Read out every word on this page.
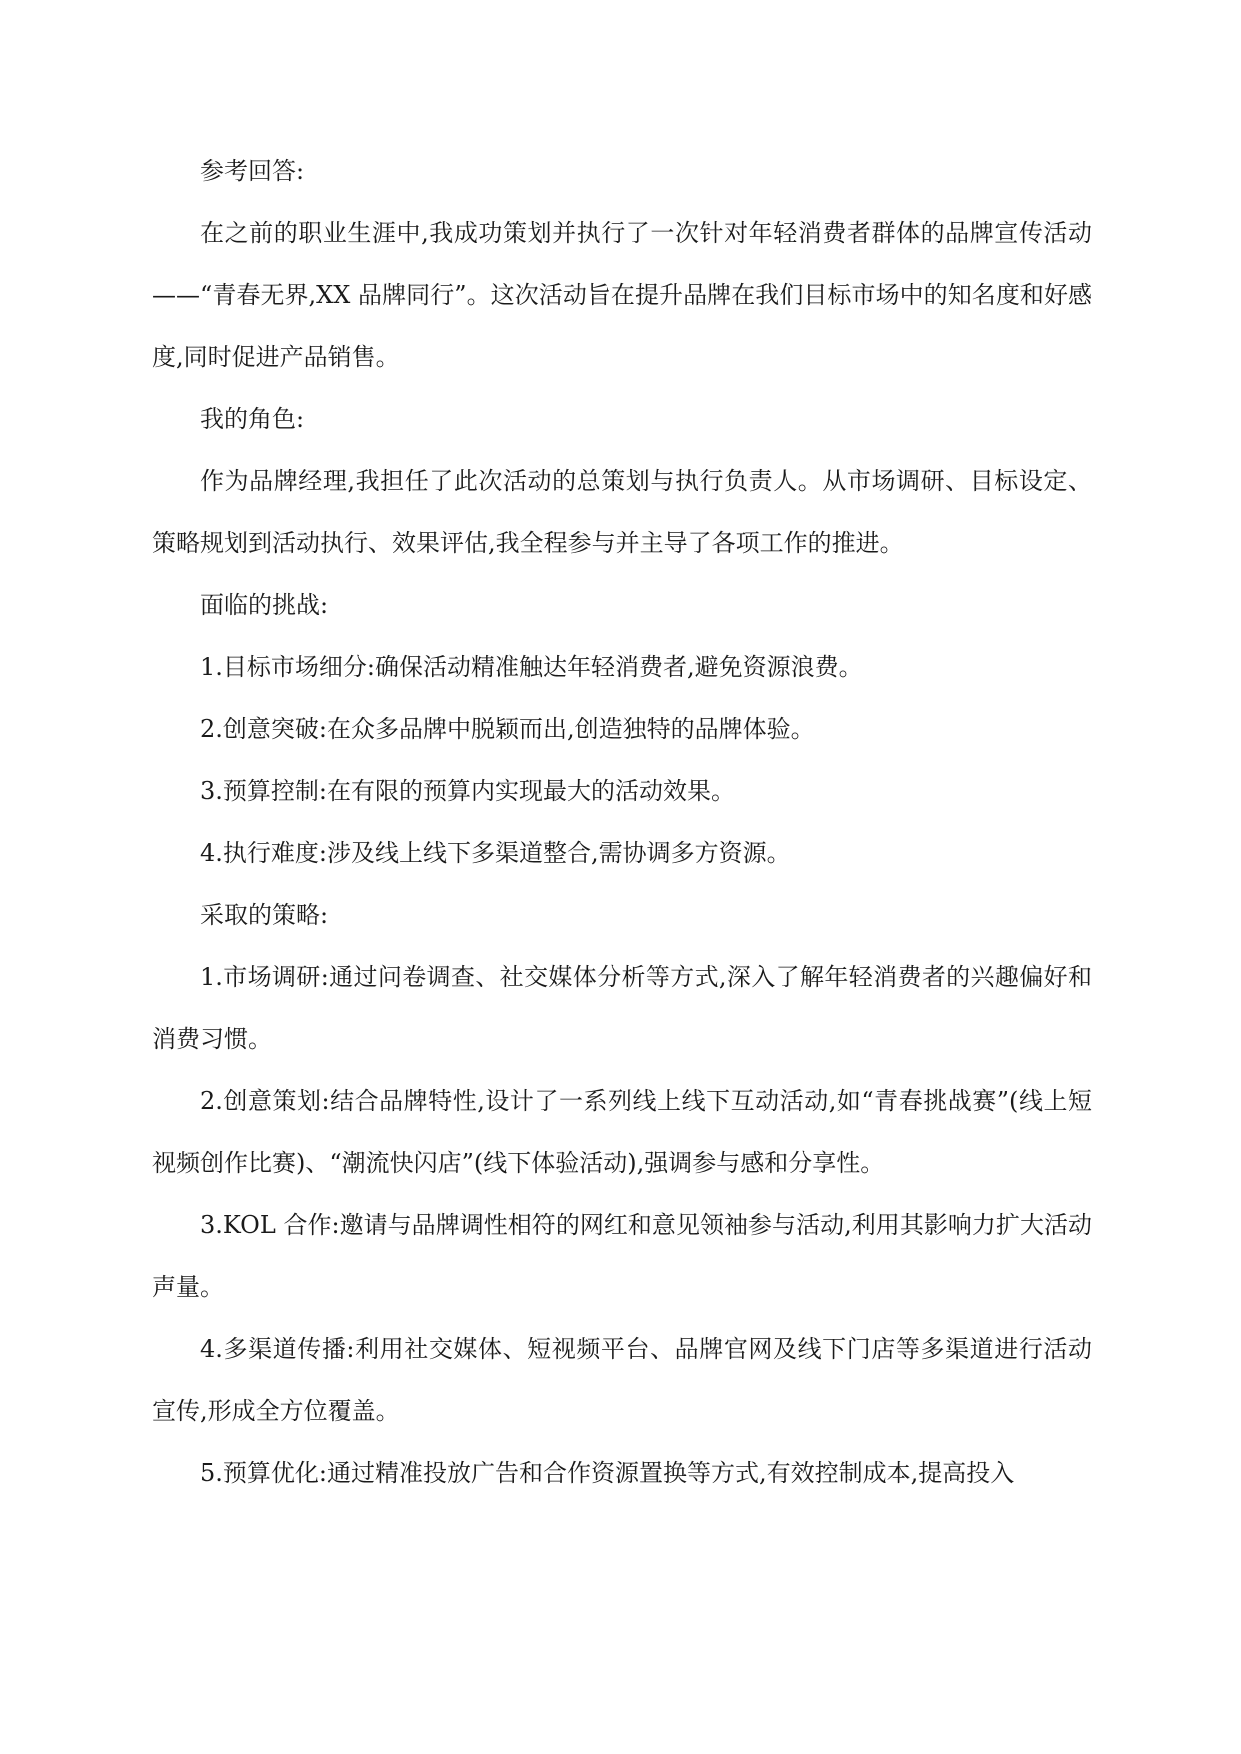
参考回答:

在之前的职业生涯中,我成功策划并执行了一次针对年轻消费者群体的品牌宣传活动——“青春无界,XX 品牌同行”。这次活动旨在提升品牌在我们目标市场中的知名度和好感度,同时促进产品销售。

我的角色:

作为品牌经理,我担任了此次活动的总策划与执行负责人。从市场调研、目标设定、策略规划到活动执行、效果评估,我全程参与并主导了各项工作的推进。

面临的挑战:

1.目标市场细分:确保活动精准触达年轻消费者,避免资源浪费。

2.创意突破:在众多品牌中脱颖而出,创造独特的品牌体验。

3.预算控制:在有限的预算内实现最大的活动效果。

4.执行难度:涉及线上线下多渠道整合,需协调多方资源。

采取的策略:

1.市场调研:通过问卷调查、社交媒体分析等方式,深入了解年轻消费者的兴趣偏好和消费习惯。

2.创意策划:结合品牌特性,设计了一系列线上线下互动活动,如“青春挑战赛”(线上短视频创作比赛)、“潮流快闪店”(线下体验活动),强调参与感和分享性。

3.KOL 合作:邀请与品牌调性相符的网红和意见领袖参与活动,利用其影响力扩大活动声量。

4.多渠道传播:利用社交媒体、短视频平台、品牌官网及线下门店等多渠道进行活动宣传,形成全方位覆盖。

5.预算优化:通过精准投放广告和合作资源置换等方式,有效控制成本,提高投入
